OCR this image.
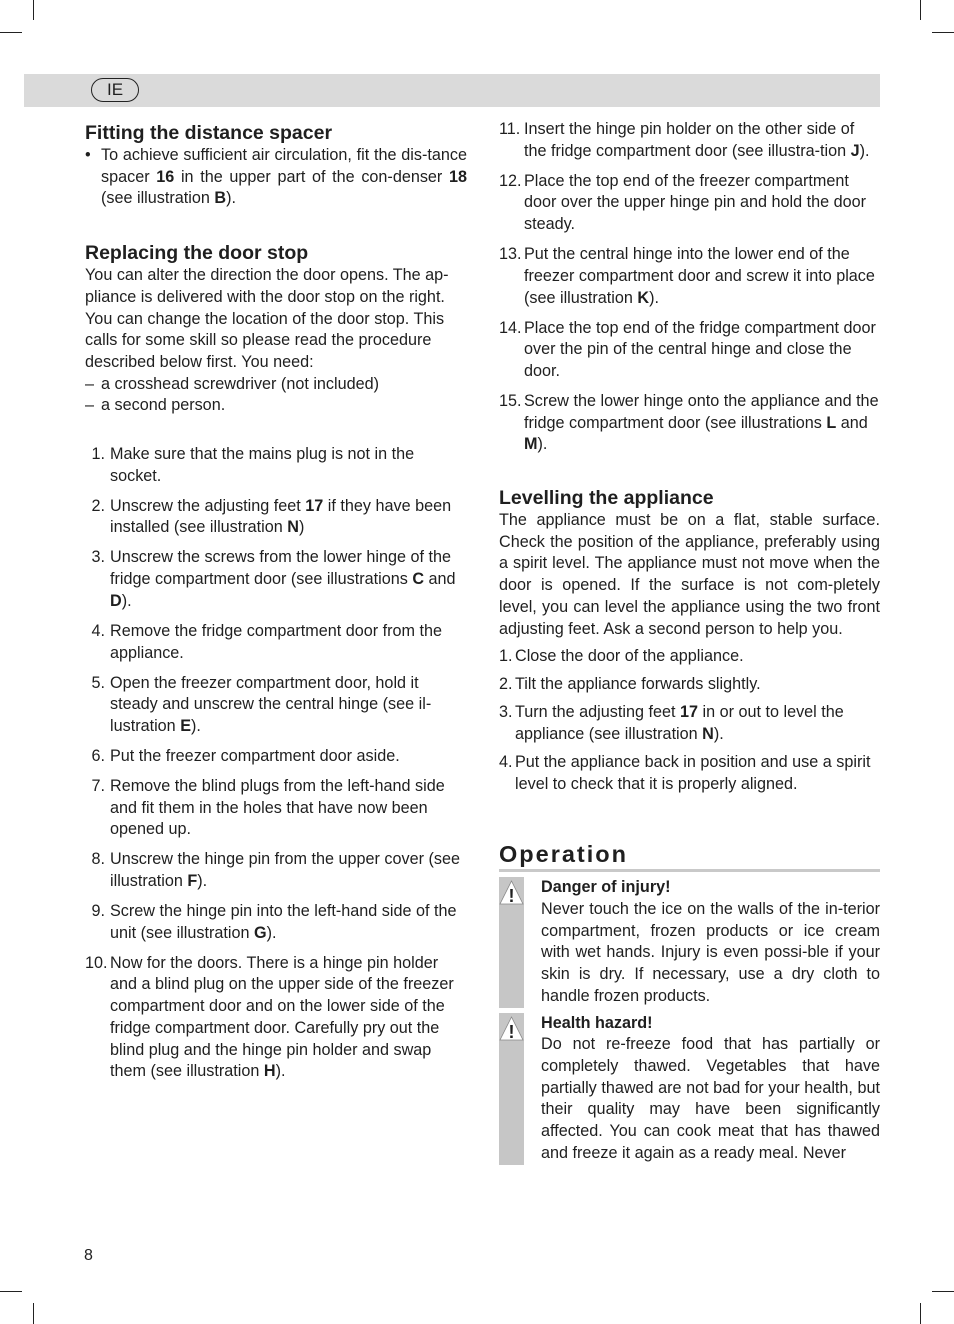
IE
Fitting the distance spacer
• To achieve sufficient air circulation, fit the dis-tance spacer 16 in the upper part of the con-denser 18 (see illustration B).
Replacing the door stop

You can alter the direction the door opens. The ap-pliance is delivered with the door stop on the right. You can change the location of the door stop. This calls for some skill so please read the procedure described below first. You need:

– a crosshead screwdriver (not included)
– a second person.
1. Make sure that the mains plug is not in the socket.
2. Unscrew the adjusting feet 17 if they have been installed (see illustration N)
3. Unscrew the screws from the lower hinge of the fridge compartment door (see illustrations C and D).
4. Remove the fridge compartment door from the appliance.
5. Open the freezer compartment door, hold it steady and unscrew the central hinge (see il-lustration E).
6. Put the freezer compartment door aside.
7. Remove the blind plugs from the left-hand side and fit them in the holes that have now been opened up.
8. Unscrew the hinge pin from the upper cover (see illustration F).
9. Screw the hinge pin into the left-hand side of the unit (see illustration G).
10. Now for the doors. There is a hinge pin holder and a blind plug on the upper side of the freezer compartment door and on the lower side of the fridge compartment door. Carefully pry out the blind plug and the hinge pin holder and swap them (see illustration H).
11. Insert the hinge pin holder on the other side of the fridge compartment door (see illustra-tion J).
12. Place the top end of the freezer compartment door over the upper hinge pin and hold the door steady.
13. Put the central hinge into the lower end of the freezer compartment door and screw it into place (see illustration K).
14. Place the top end of the fridge compartment door over the pin of the central hinge and close the door.
15. Screw the lower hinge onto the appliance and the fridge compartment door (see illustrations L and M).
Levelling the appliance

The appliance must be on a flat, stable surface. Check the position of the appliance, preferably using a spirit level. The appliance must not move when the door is opened. If the surface is not com-pletely level, you can level the appliance using the two front adjusting feet. Ask a second person to help you.

1. Close the door of the appliance.
2. Tilt the appliance forwards slightly.
3. Turn the adjusting feet 17 in or out to level the appliance (see illustration N).
4. Put the appliance back in position and use a spirit level to check that it is properly aligned.
Operation
! Danger of injury!

Never touch the ice on the walls of the in-terior compartment, frozen products or ice cream with wet hands. Injury is even possi-ble if your skin is dry. If necessary, use a dry cloth to handle frozen products.

! Health hazard!

Do not re-freeze food that has partially or completely thawed. Vegetables that have partially thawed are not bad for your health, but their quality may have been significantly affected. You can cook meat that has thawed and freeze it again as a ready meal. Never

8
